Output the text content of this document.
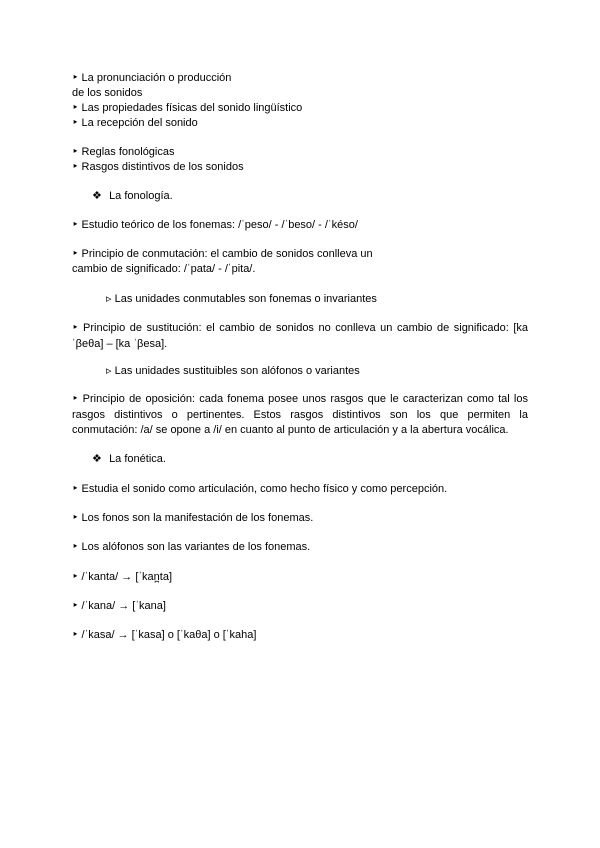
‣ La pronunciación o producción
de los sonidos
‣ Las propiedades físicas del sonido lingüístico
‣ La recepción del sonido
‣ Reglas fonológicas
‣ Rasgos distintivos de los sonidos
❖ La fonología.
‣ Estudio teórico de los fonemas: /ˈpeso/ - /ˈbeso/ - /ˈkéso/
‣ Principio de conmutación: el cambio de sonidos conlleva un
cambio de significado: /ˈpata/ - /ˈpita/.
▹ Las unidades conmutables son fonemas o invariantes
‣ Principio de sustitución: el cambio de sonidos no conlleva un cambio de significado: [ka ˈβeθa] – [ka ˈβesa].
▹ Las unidades sustituibles son alófonos o variantes
‣ Principio de oposición: cada fonema posee unos rasgos que le caracterizan como tal los rasgos distintivos o pertinentes. Estos rasgos distintivos son los que permiten la conmutación: /a/ se opone a /i/ en cuanto al punto de articulación y a la abertura vocálica.
❖ La fonética.
‣ Estudia el sonido como articulación, como hecho físico y como percepción.
‣ Los fonos son la manifestación de los fonemas.
‣ Los alófonos son las variantes de los fonemas.
‣ /ˈkanta/ → [ˈkan̪ta]
‣ /ˈkana/ → [ˈkana]
‣ /ˈkasa/ → [ˈkasa] o [ˈkaθa] o [ˈkaha]
